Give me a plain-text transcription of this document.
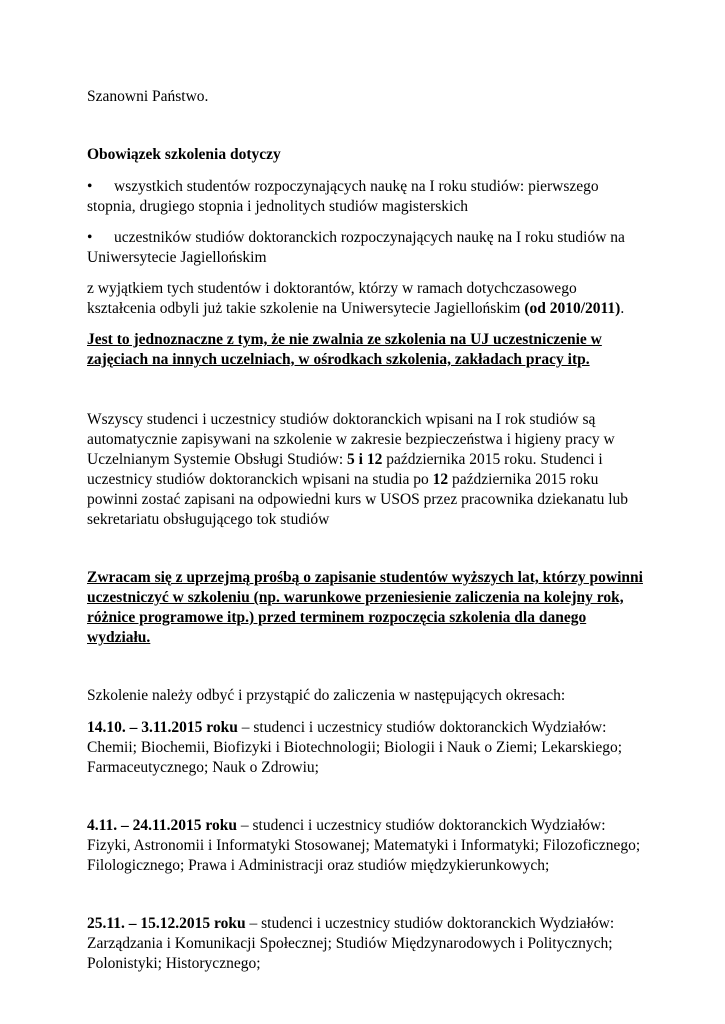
Szanowni Państwo.

Obowiązek szkolenia dotyczy

• wszystkich studentów rozpoczynających naukę na I roku studiów: pierwszego stopnia, drugiego stopnia i jednolitych studiów magisterskich

• uczestników studiów doktoranckich rozpoczynających naukę na I roku studiów na Uniwersytecie Jagiellońskim

z wyjątkiem tych studentów i doktorantów, którzy w ramach dotychczasowego kształcenia odbyli już takie szkolenie na Uniwersytecie Jagiellońskim (od 2010/2011).

Jest to jednoznaczne z tym, że nie zwalnia ze szkolenia na UJ uczestniczenie w zajęciach na innych uczelniach, w ośrodkach szkolenia, zakładach pracy itp.

Wszyscy studenci i uczestnicy studiów doktoranckich wpisani na I rok studiów są automatycznie zapisywani na szkolenie w zakresie bezpieczeństwa i higieny pracy w Uczelnianym Systemie Obsługi Studiów: 5 i 12 października 2015 roku. Studenci i uczestnicy studiów doktoranckich wpisani na studia po 12 października 2015 roku powinni zostać zapisani na odpowiedni kurs w USOS przez pracownika dziekanatu lub sekretariatu obsługującego tok studiów

Zwracam się z uprzejmą prośbą o zapisanie studentów wyższych lat, którzy powinni uczestniczyć w szkoleniu (np. warunkowe przeniesienie zaliczenia na kolejny rok, różnice programowe itp.) przed terminem rozpoczęcia szkolenia dla danego wydziału.

Szkolenie należy odbyć i przystąpić do zaliczenia w następujących okresach:

14.10. – 3.11.2015 roku – studenci i uczestnicy studiów doktoranckich Wydziałów: Chemii; Biochemii, Biofizyki i Biotechnologii; Biologii i Nauk o Ziemi; Lekarskiego; Farmaceutycznego; Nauk o Zdrowiu;

4.11. – 24.11.2015 roku – studenci i uczestnicy studiów doktoranckich Wydziałów: Fizyki, Astronomii i Informatyki Stosowanej; Matematyki i Informatyki; Filozoficznego; Filologicznego; Prawa i Administracji oraz studiów międzykierunkowych;

25.11. – 15.12.2015 roku – studenci i uczestnicy studiów doktoranckich Wydziałów: Zarządzania i Komunikacji Społecznej; Studiów Międzynarodowych i Politycznych; Polonistyki; Historycznego;
